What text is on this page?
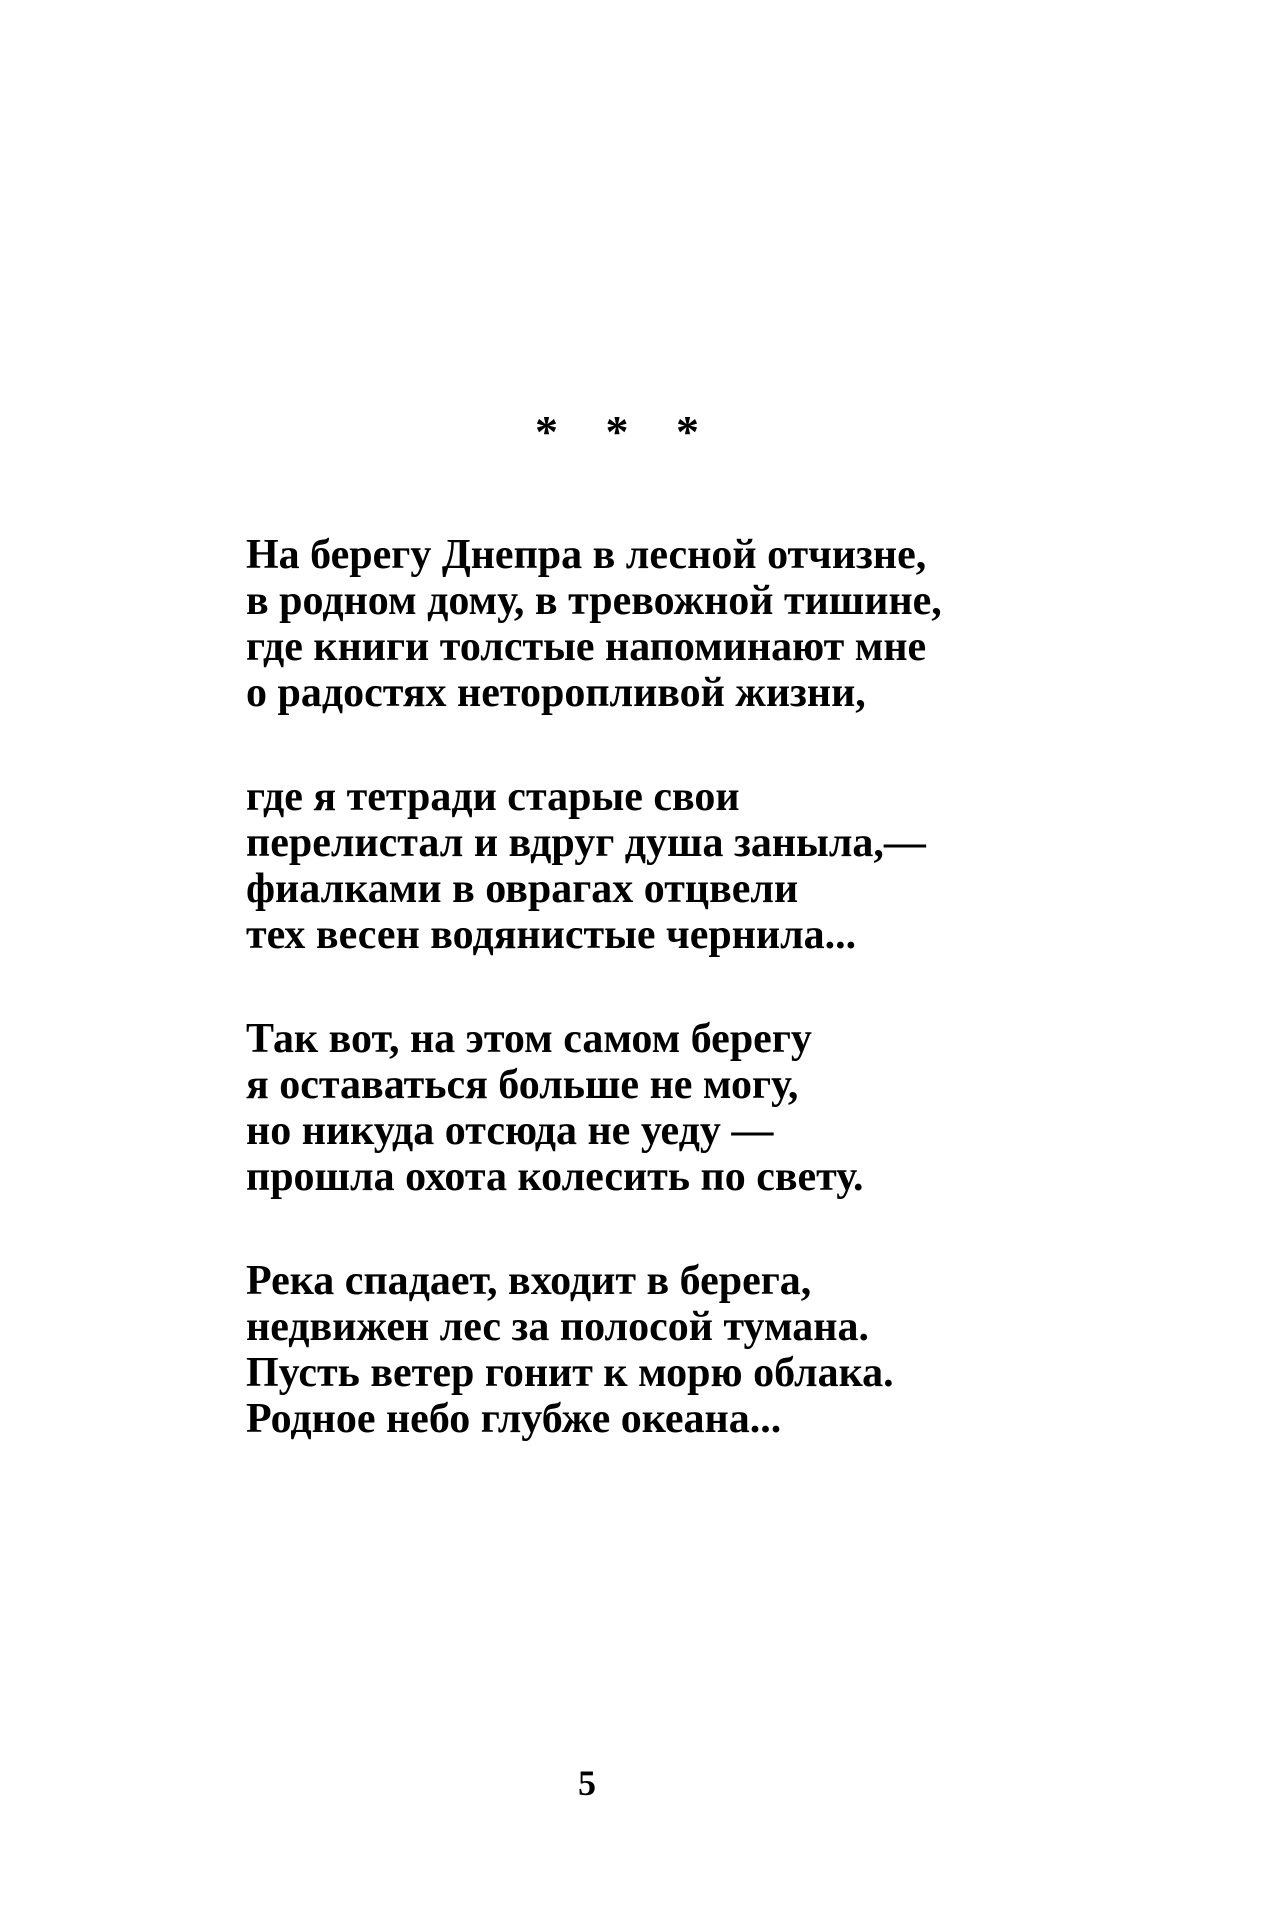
* * *
На берегу Днепра в лесной отчизне,
в родном дому, в тревожной тишине,
где книги толстые напоминают мне
о радостях неторопливой жизни,
где я тетради старые свои
перелистал и вдруг душа заныла,—
фиалками в оврагах отцвели
тех весен водянистые чернила...
Так вот, на этом самом берегу
я оставаться больше не могу,
но никуда отсюда не уеду —
прошла охота колесить по свету.
Река спадает, входит в берега,
недвижен лес за полосой тумана.
Пусть ветер гонит к морю облака.
Родное небо глубже океана...
5
